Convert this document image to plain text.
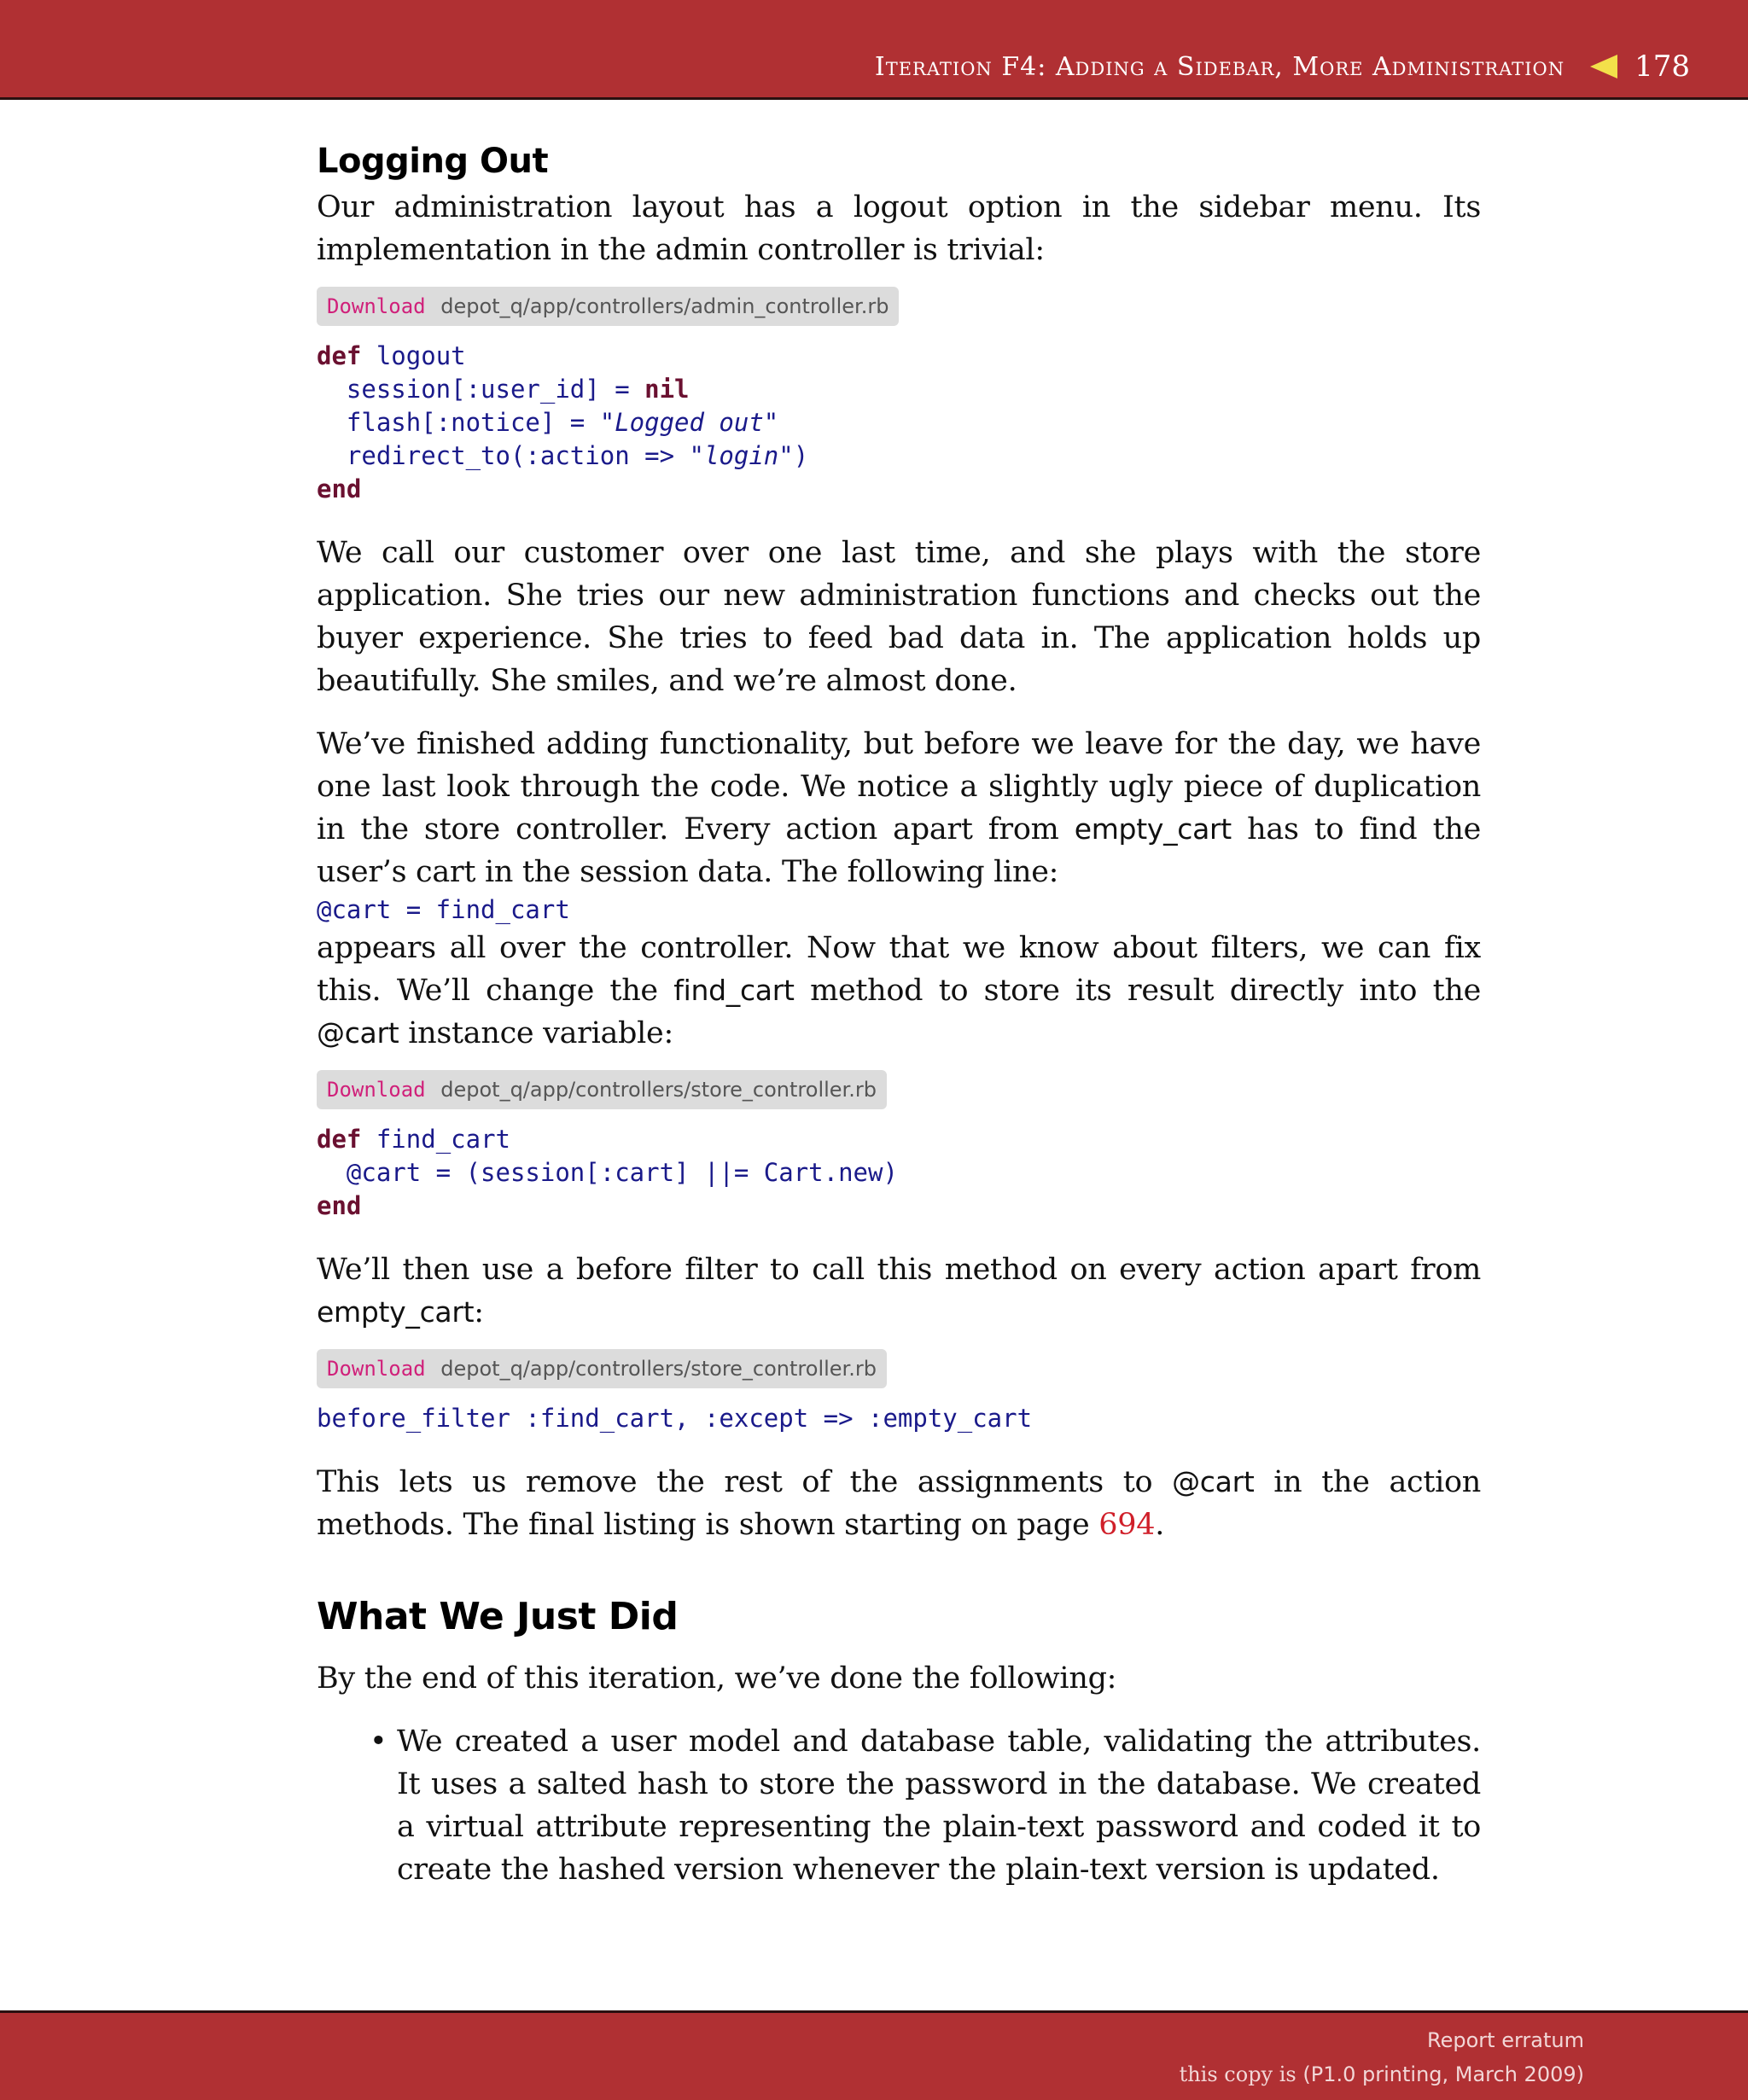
Iteration F4: Adding a Sidebar, More Administration 178
Logging Out

Our administration layout has a logout option in the sidebar menu. Its implementation in the admin controller is trivial:

Download depot_q/app/controllers/admin_controller.rb
def logout
session[:user_id] = nil
flash[:notice] = "Logged out"
redirect_to(:action => "login")
end

We call our customer over one last time, and she plays with the store application. She tries our new administration functions and checks out the buyer experience. She tries to feed bad data in. The application holds up beautifully. She smiles, and we’re almost done.

We’ve finished adding functionality, but before we leave for the day, we have one last look through the code. We notice a slightly ugly piece of duplication in the store controller. Every action apart from empty_cart has to find the user’s cart in the session data. The following line:

@cart = find_cart

appears all over the controller. Now that we know about filters, we can fix this. We’ll change the find_cart method to store its result directly into the @cart instance variable:

Download depot_q/app/controllers/store_controller.rb
def find_cart
@cart = (session[:cart] ||= Cart.new)
end

We’ll then use a before filter to call this method on every action apart from empty_cart:

Download depot_q/app/controllers/store_controller.rb
before_filter :find_cart, :except => :empty_cart

This lets us remove the rest of the assignments to @cart in the action methods. The final listing is shown starting on page 694.

What We Just Did

By the end of this iteration, we’ve done the following:

• We created a user model and database table, validating the attributes. It uses a salted hash to store the password in the database. We created a virtual attribute representing the plain-text password and coded it to create the hashed version whenever the plain-text version is updated.

Report erratum
this copy is (P1.0 printing, March 2009)
